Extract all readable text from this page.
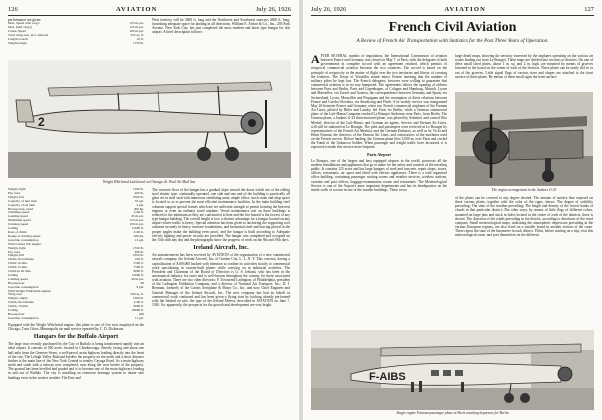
126	AVIATION	July 26, 1926
performance are given:
Max. Speed with cargo	125 m.p.h.
Max. (half cargo)	125 m.p.h.
Cruise Speed	100 m.p.h.
Total wing area, incl. ailerons	325 sq. ft.
Length overall	25 ft.
Weight empty	1750 lb.
West territory will be 3000 ft. long and the Northwest and Southwest runways 2600 ft. long, furnishing adequate space for landing in all directions. William E. Arthur & Co., Inc., 203 Park Avenue, New York City, has just completed the most modern and latest type hangar for this airport. A brief description follows:
2
Wright Whirlwind Laird used on Chicago–St. Paul Air Mail line.
Weight, light	1290 lb.
Pay load	400 lb.
Weight, full	2500 lb.
Capacity of fuel tank	55 gal.
Capacity of oil tank	4 gal.
Horsepower, rated	200 hp.
Climbing speed	1100 ft.
Landing speed	45 m.p.h.
Maximum speed	125 m.p.h.
Cruising speed	100 m.p.h.
Ceiling	15000 ft.
Rate of climb	1100 ft.
Range at cruising speed	500 mi.
Gasoline consumption	12 gal.
With Curtiss OX engine:
Weight, light	1350 lb.
Pay load	400 lb.
Weight, full	2350 lb.
Climb, first minute	650 ft.
Climb 10 min.	5500 ft.
Climb 15 min.	7500 ft.
Climb in 20 min.	9000 ft.
Ceiling	12000 ft.
Landing speed	40 m.p.h.
Horsepower	90
Gasoline consumption	9 gal.
With Wright Whirlwind engine:
Wing area	300 sq. ft.
Weight, empty	1290 lb.
Climb, first minute	1100 ft.
Climb, 10 min.	9000 ft.
Ceiling	18000 ft.
Horsepower	200
Gasoline consumption	11 gal.
Equipped with the Wright Whirlwind engine, this plane is one of five now employed on the Chicago–Twin Cities–Minneapolis air mail service operated by C. D. Dickinson.
Hangars for the Buffalo Airport
The large tract recently purchased by the City of Buffalo is being transformed rapidly into an ideal airport. It consists of 500 acres, located in Cheektowaga, directly facing and about one half mile from the Genesee Street, a well-paved, main highway leading directly into the heart of the city. The Lehigh Valley Railroad borders the property on the north and a short distance further is the main line of the New York Central to nearby Cayuga Road. As a main highway north and south with a subway now completed, runs along the west border of the property. The ground has been levelled and graded and is to become one of the main highways leading in and out of Buffalo. The city is installing an extensive drainage system to insure safe landings even in the wettest weather. The East and
The concrete floor of the hangar has a gradual slope toward the doors which are of the rolling steel shutter type, continually operated, one side and one end of the building is practically all glass set in steel sash with numerous ventilating units; ample office, stock room and shop space is located so as to prevent the most efficient maintenance facilities. In the main building steel columns support special frames which are set sufficient strength to permit hoisting the heaviest engines or even an ordinary sized airplane. Vessel maintenance rest on these buildings is reduced to the minimum as they are constructed to heat and the fire hazard is the lowest of any type hangar building. The overall height is low, a distinct advantage for a hangar located on any airport where traffic is heavy. Special attention has been given to anchoring the supporting roof columns securely in heavy concrete foundations, and horizontal steel and bracing placed in the proper angles make the building even proof, and the hangar is built according to Adequate electric lighting and power circuits are provided. The hangar was completed and occupied on the 15th with any day and the photographs show the progress of work on the 9th and 19th days.
Ireland Aircraft, Inc.
An announcement has been received by AVIATION of the organization of a new commercial aircraft company, the Ireland Aircraft, Inc. of Garden City, L. I., N. Y. This concern, having a capitalization of $100,000 backed with intention to confine its activities strictly to commercial work specializing in custom-built planes while carrying on in industrial activities. The President and Chairman of the Board of Directors is G. S. Ireland, who has been in the aeronautical industry for years and is well-known throughout the country for those associated with aviation. There are two other directors: F. Townsend Ladington, of Philadelphia, president of the Ladington Exhibition Company, and a director of National Air Transport, Inc.; D. J. Brennan, formerly of the Curtiss Aeroplane & Motor Co., Inc. and now Chief Engineer and General Manager of the Ireland Aircraft, Inc. The new company has had its behalf in commercial work continued and has been given a flying start by backing already performed with the Ireland on sale, the type of the Ireland Meteor, described in AVIATION on June 7, 1926. So, apparently, the prospects for the growth and development are very bright.
July 26, 1926	AVIATION	127
French Civil Aviation
A Review of French Air Transportation with Statistics for the Past Three Years of Operation.
AFTER SEVERAL months of negotiation, the International Commission of aviation between France and Germany was closed on May 7, at Paris, with the delegates of both governments in complete accord with an agreement reached, which permits of reciprocal commercial aviation between the two countries. The accord is based on the principle of reciprocity in the matter of flight over the two territories and liberty of crossing the frontiers. The Treaty of Versailles stands intact, France insisting that the number of military pilots be kept low. The French delegates, however were willing to guarantee that commercial aviation is in no way hampered. The agreements allows the opening of airlines between Paris and Berlin, Paris and Copenhagen, of Cologne and Hamburg, Munich, Lyons and Marseilles, via Zurich and Geneva, the correspondence between Germany and Spain, via Switzerland, Lyons, Marseilles and Perpignan and the resumption of direct relations between France and Czecho-Slovakia, via Strasbourg and Fürth. A tri-weekly service was inaugurated May 26 between France and Germany when two French commercial airplanes of the Farman Air Lines, piloted by Bitler and Landry, left Paris for Berlin, while a German commercial plane of the Luft-Hansa Company reached Le Bourget Airdrome, near Paris, from Berlin. The German plane, a Junkers G-23 three-motored plane, was piloted by Schinkel, and carried Otto Merkel, director of the Luft-Hansa, and German air agents. Service and Farman Air Lines, will still be stationed at Le Bourget. The pilot and passengers were received at Le Bourget by representatives of the French Air Ministry and the German Embassy, as well as by Vicki and Henri Farman, the directors of the Farman Air Lines, and constructors of the machines used on the French service. Before landing, the German plane flew 2,000 m. over Paris and circled the Tomb of the Unknown Soldier. When passenger and freight traffic have increased, it is expected to make this service more frequent.
Paris Airport
Le Bourget, one of the largest and best equipped airports in the world, possesses all the modern installations and appliances that go to make for the safety and comfort of the traveling public. It contains 125 acres and has large hangars of steel and concrete, repair shops, stores, offices, restaurants, air space and fitted with electric appliances. There is a well organized office building, containing passenger waiting rooms and weather services, wireless stations, customs and post offices, baggage-examination rooms and restaurants. The Meteorological Service is one of the Airport's most important departments and has its headquarters on the inside walls of a room in one of the smaller buildings. These cover
large detail maps, showing the territory traversed by the airplanes operating on the various air routes leading out from Le Bourget. These maps are divided into sections or districts. On one of these small sized plates, about 1 in. sq. and 2 in. high, are mounted by means of grooves fastened to the board on the center of each of the districts. These plates can be easily slid in or out of the grooves. Little signal flags of various sizes and shapes are attached to the front surface of these plates. By means of these small signs the front surface
The engine arrangement in the Junkers G-23
of the plates can be covered to any degree desired. The amount of surface thus exposed on these various plates, together with the color of the signs, shows: The degree of visibility prevailing; The state of the weather prevailing; The height and density of the lowest banks of clouds in that particular district; The other ways, by means of little flags of different colors, mounted on large pins and stuck in holes located in the center of each of the districts, there is shown: The direction of the winds prevailing in the district, according to directions of the wind compass; Small meteorological maps, indicating the atmospheric depression prevailing in the various European regions, are also fixed on a smaller board in another section of the room. These report the state of the barometer in each district. Pilots, before starting on a trip, visit this meteorological room, and post themselves on the different
F-AIBS
Single engine Farman passenger plane at Paris awaiting departure for Berlin
